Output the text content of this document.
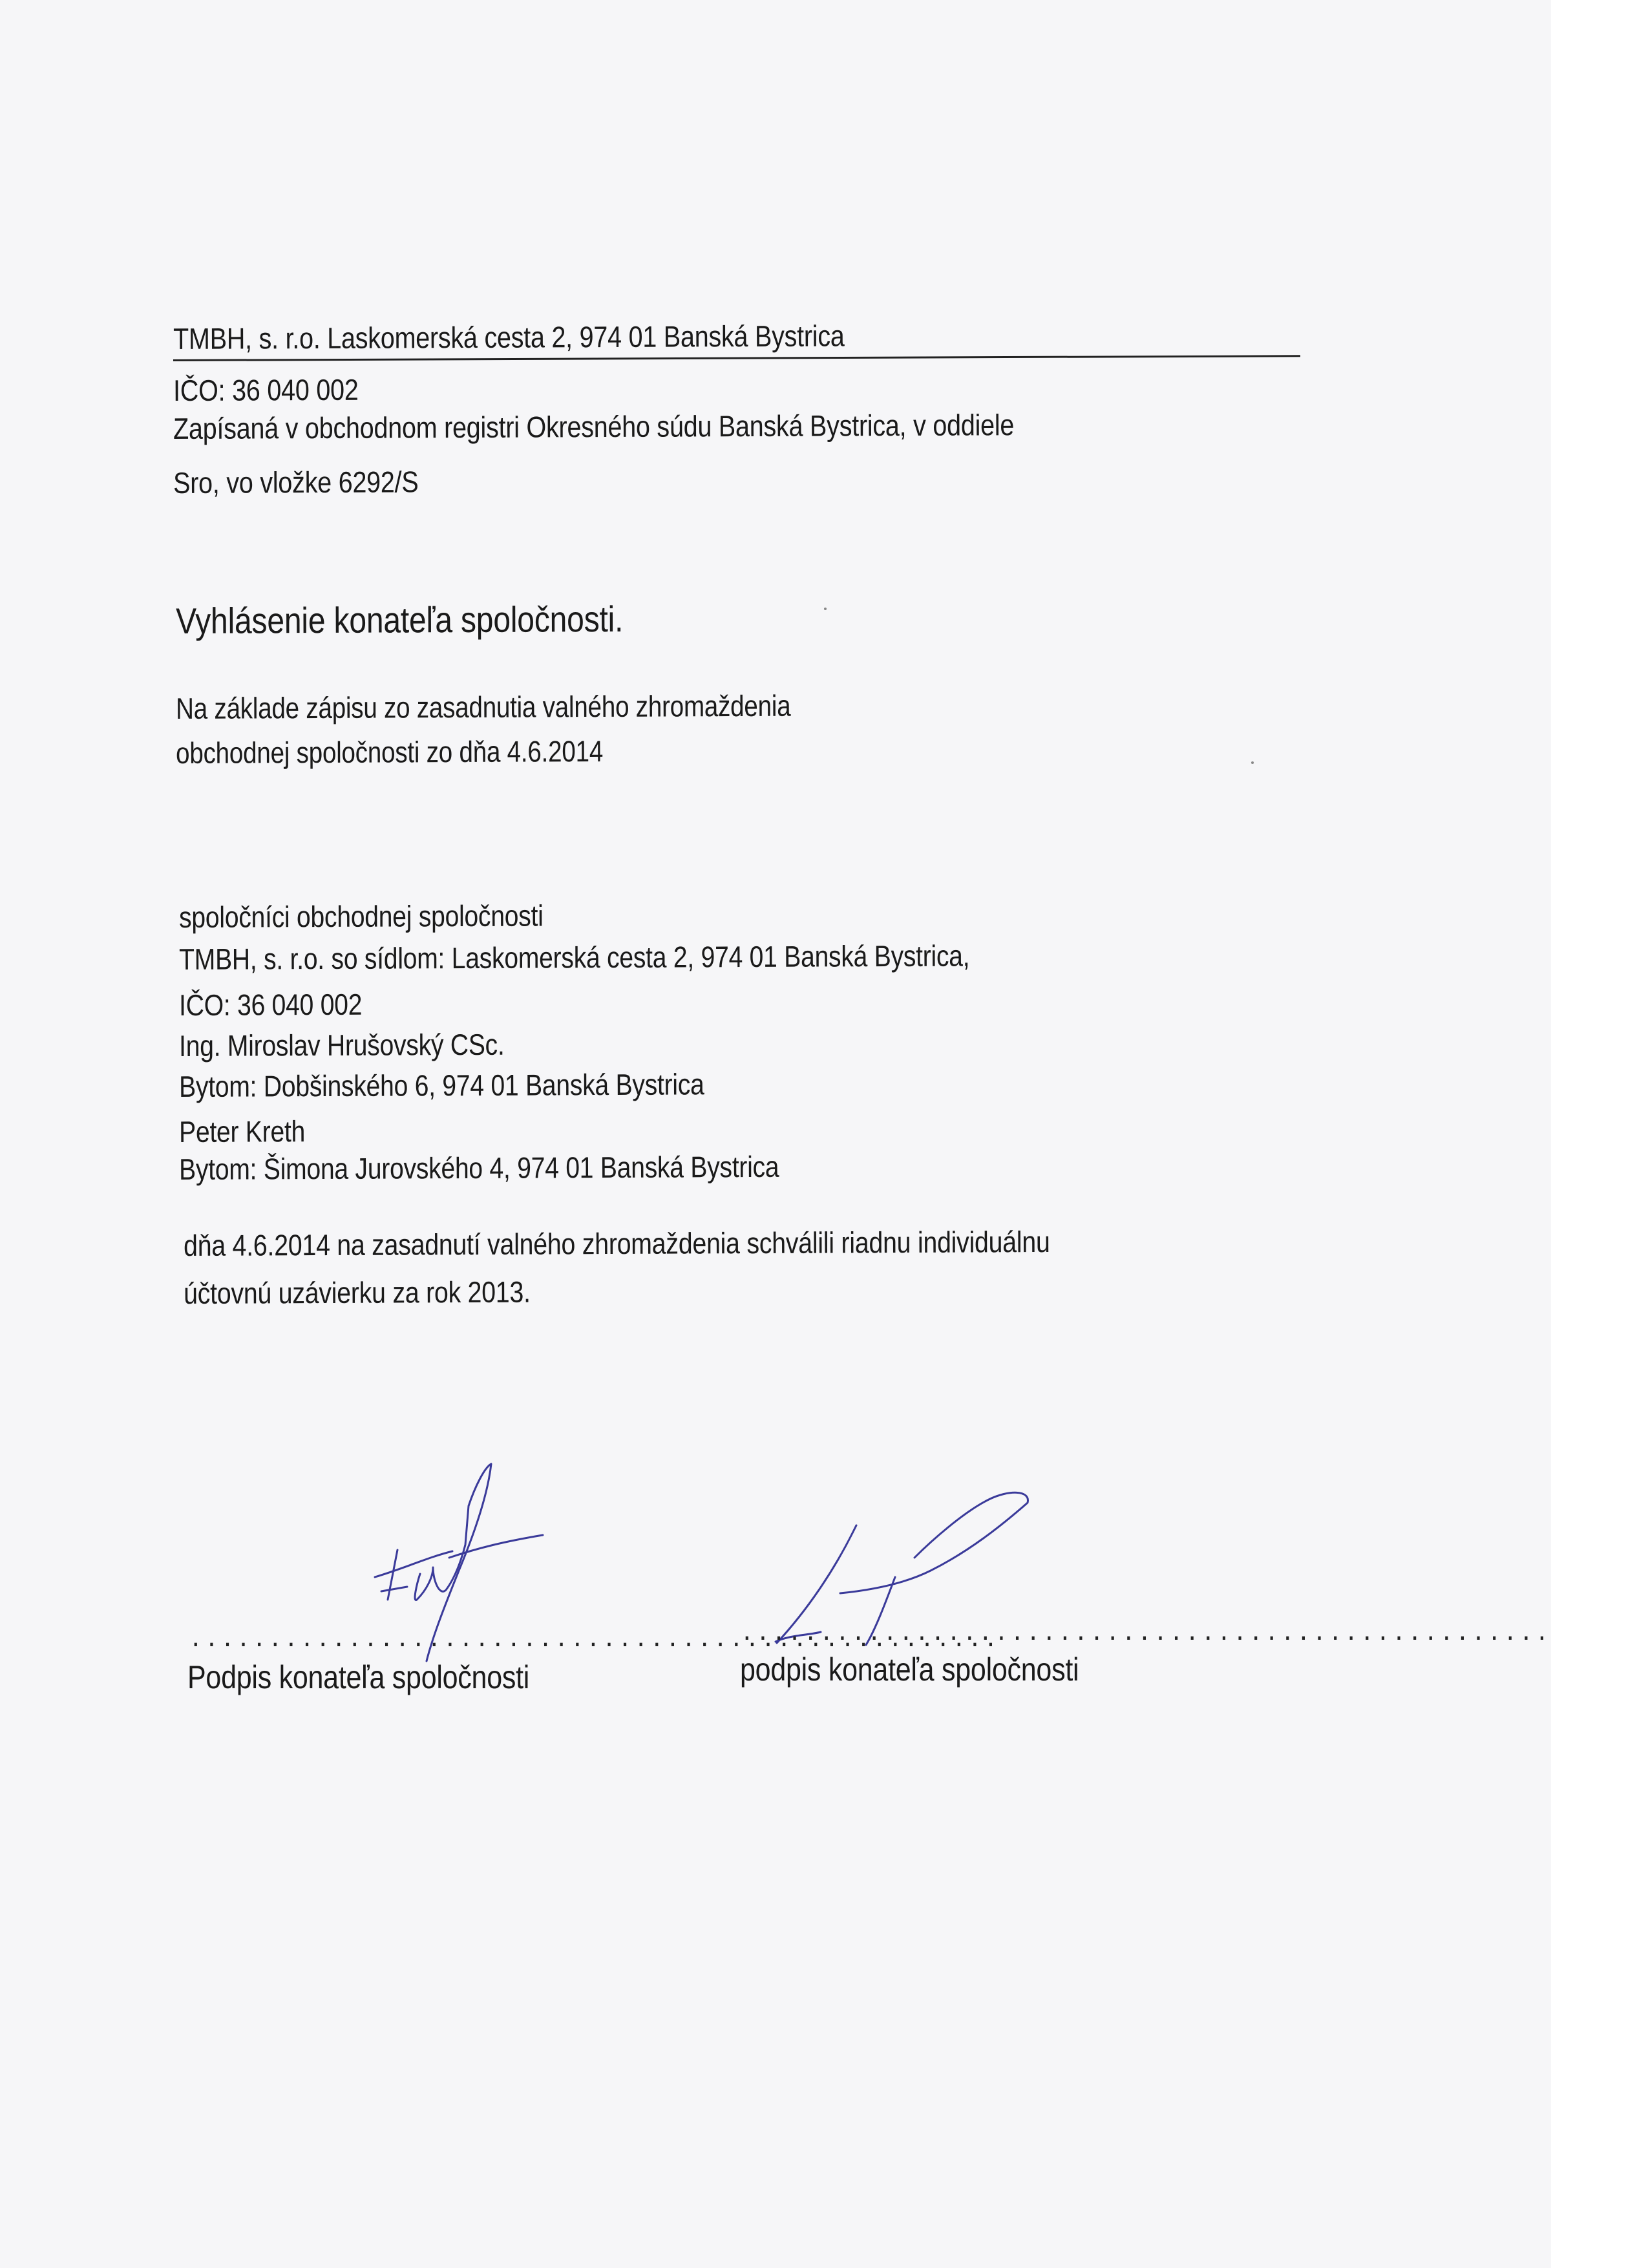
TMBH, s. r.o. Laskomerská cesta 2, 974 01 Banská Bystrica
IČO: 36 040 002
Zapísaná v obchodnom registri Okresného súdu Banská Bystrica, v oddiele
Sro, vo vložke 6292/S
Vyhlásenie konateľa spoločnosti.
Na základe zápisu zo zasadnutia valného zhromaždenia
obchodnej spoločnosti zo dňa 4.6.2014
spoločníci obchodnej spoločnosti
TMBH, s. r.o. so sídlom: Laskomerská cesta 2, 974 01 Banská Bystrica,
IČO: 36 040 002
Ing. Miroslav Hrušovský CSc.
Bytom: Dobšinského 6, 974 01 Banská Bystrica
Peter Kreth
Bytom: Šimona Jurovského 4, 974 01 Banská Bystrica
dňa 4.6.2014 na zasadnutí valného zhromaždenia schválili riadnu individuálnu
účtovnú uzávierku za rok 2013.
...................................................
Podpis konateľa spoločnosti
...................................................
podpis konateľa spoločnosti
